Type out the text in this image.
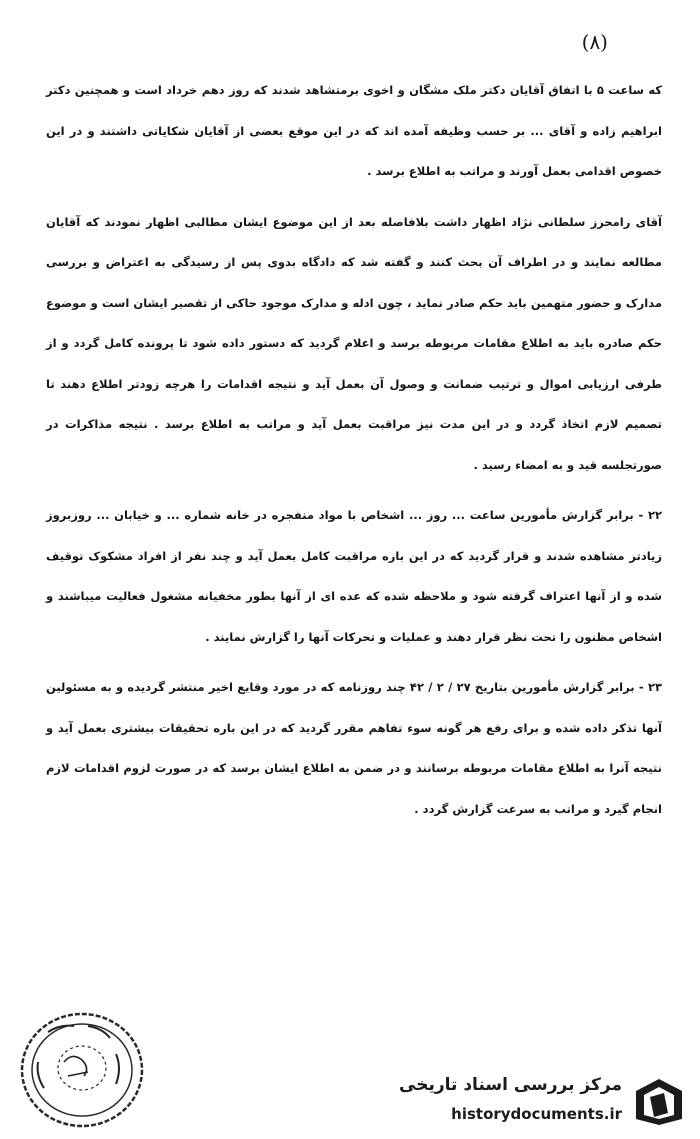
(۸)

که ساعت ۵ با اتفاق آقایان دکتر ملک مشگان و اخوی برمتشاهد شدند که روز دهم خرداد است و همچنین دکتر ابراهیم زاده و آقای ... بر حسب وظیفه آمده اند که در این موقع بعضی از آقایان شکایاتی داشتند و در این خصوص اقدامی بعمل آورند و مراتب به اطلاع برسد .

آقای رامحرز سلطانی نژاد اظهار داشت بلافاصله بعد از این موضوع ایشان مطالبی اظهار نمودند که آقایان مطالعه نمایند و در اطراف آن بحث کنند و گفته شد که دادگاه بدوی پس از رسیدگی به اعتراض و بررسی مدارک و حضور متهمین باید حکم صادر نماید ، چون ادله و مدارک موجود حاکی از تقصیر ایشان است و موضوع حکم صادره باید به اطلاع مقامات مربوطه برسد و اعلام گردید که دستور داده شود تا پرونده کامل گردد و از طرفی ارزیابی اموال و ترتیب ضمانت و وصول آن بعمل آید و نتیجه اقدامات را هرچه زودتر اطلاع دهند تا تصمیم لازم اتخاذ گردد و در این مدت نیز مراقبت بعمل آید و مراتب به اطلاع برسد . نتیجه مذاکرات در صورتجلسه قید و به امضاء رسید .

۲۲ - برابر گزارش مأمورین ساعت ... روز ... اشخاص با مواد منفجره در خانه شماره ... و خیابان ... روزبروز زیادتر مشاهده شدند و قرار گردید که در این باره مراقبت کامل بعمل آید و چند نفر از افراد مشکوک توقیف شده و از آنها اعتراف گرفته شود و ملاحظه شده که عده ای از آنها بطور مخفیانه مشغول فعالیت میباشند و اشخاص مظنون را تحت نظر قرار دهند و عملیات و تحرکات آنها را گزارش نمایند .

۲۳ - برابر گزارش مأمورین بتاریخ ۲۷ / ۲ / ۴۲ چند روزنامه که در مورد وقایع اخیر منتشر گردیده و به مسئولین آنها تذکر داده شده و برای رفع هر گونه سوء تفاهم مقرر گردید که در این باره تحقیقات بیشتری بعمل آید و نتیجه آنرا به اطلاع مقامات مربوطه برسانند و در ضمن به اطلاع ایشان برسد که در صورت لزوم اقدامات لازم انجام گیرد و مراتب به سرعت گزارش گردد .

مرکز بررسی اسناد تاریخی
historydocuments.ir
